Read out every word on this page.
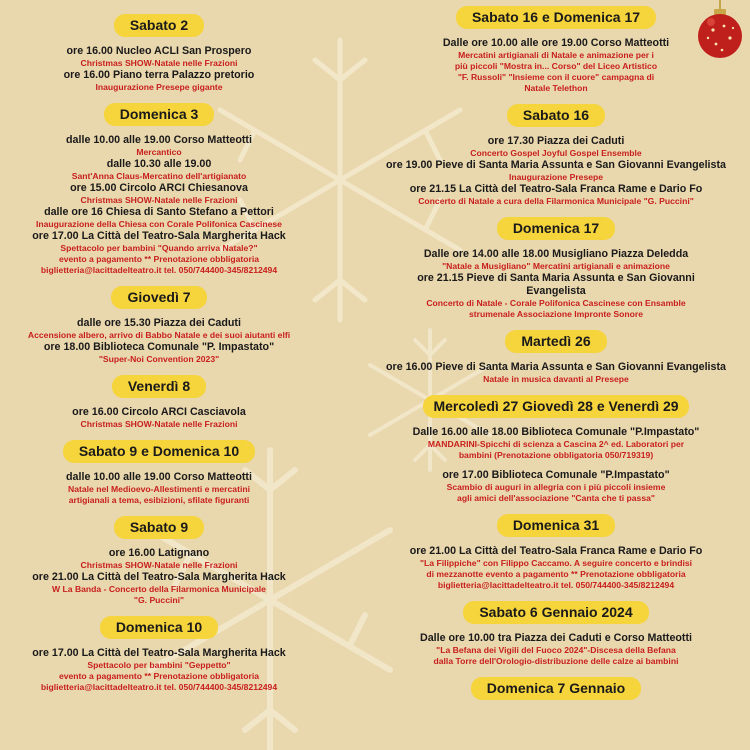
Sabato 2
ore 16.00 Nucleo ACLI San Prospero
Christmas SHOW-Natale nelle Frazioni
ore 16.00 Piano terra Palazzo pretorio
Inaugurazione Presepe gigante
Domenica 3
dalle 10.00 alle 19.00 Corso Matteotti
Mercantico
dalle 10.30 alle 19.00
Sant'Anna Claus-Mercatino dell'artigianato
ore 15.00 Circolo ARCI Chiesanova
Christmas SHOW-Natale nelle Frazioni
dalle ore 16 Chiesa di Santo Stefano a Pettori
Inaugurazione della Chiesa con Corale Polifonica Cascinese
ore 17.00 La Città del Teatro-Sala Margherita Hack
Spettacolo per bambini "Quando arriva Natale?"
evento a pagamento ** Prenotazione obbligatoria
biglietteria@lacittadelteatro.it tel. 050/744400-345/8212494
Giovedì 7
dalle ore 15.30 Piazza dei Caduti
Accensione albero, arrivo di Babbo Natale e dei suoi aiutanti elfi
ore 18.00 Biblioteca Comunale "P. Impastato"
"Super-Noi Convention 2023"
Venerdì 8
ore 16.00 Circolo ARCI Casciavola
Christmas SHOW-Natale nelle Frazioni
Sabato 9 e Domenica 10
dalle 10.00 alle 19.00 Corso Matteotti
Natale nel Medioevo-Allestimenti e mercatini
artigianali a tema, esibizioni, sfilate figuranti
Sabato 9
ore 16.00 Latignano
Christmas SHOW-Natale nelle Frazioni
ore 21.00 La Città del Teatro-Sala Margherita Hack
W La Banda - Concerto della Filarmonica Municipale
"G. Puccini"
Domenica 10
ore 17.00 La Città del Teatro-Sala Margherita Hack
Spettacolo per bambini "Geppetto"
evento a pagamento ** Prenotazione obbligatoria
biglietteria@lacittadelteatro.it tel. 050/744400-345/8212494
Sabato 16 e Domenica 17
Dalle ore 10.00 alle ore 19.00 Corso Matteotti
Mercatini artigianali di Natale e animazione per i
più piccoli "Mostra in... Corso" del Liceo Artistico
"F. Russoli" "Insieme con il cuore" campagna di
Natale Telethon
Sabato 16
ore 17.30 Piazza dei Caduti
Concerto Gospel Joyful Gospel Ensemble
ore 19.00 Pieve di Santa Maria Assunta e San Giovanni Evangelista
Inaugurazione Presepe
ore 21.15 La Città del Teatro-Sala Franca Rame e Dario Fo
Concerto di Natale a cura della Filarmonica Municipale "G. Puccini"
Domenica 17
Dalle ore 14.00 alle 18.00 Musigliano Piazza Deledda
"Natale a Musigliano" Mercatini artigianali e animazione
ore 21.15 Pieve di Santa Maria Assunta e San Giovanni
Evangelista
Concerto di Natale - Corale Polifonica Cascinese con Ensamble
strumenale Associazione Impronte Sonore
Martedì 26
ore 16.00 Pieve di Santa Maria Assunta e San Giovanni Evangelista
Natale in musica davanti al Presepe
Mercoledì 27 Giovedì 28 e Venerdì 29
Dalle 16.00 alle 18.00 Biblioteca Comunale "P.Impastato"
MANDARINI-Spicchi di scienza a Cascina 2^ ed. Laboratori per
bambini (Prenotazione obbligatoria 050/719319)
ore 17.00 Biblioteca Comunale "P.Impastato"
Scambio di auguri in allegria con i più piccoli insieme
agli amici dell'associazione "Canta che ti passa"
Domenica 31
ore 21.00 La Città del Teatro-Sala Franca Rame e Dario Fo
"La Filippiche" con Filippo Caccamo. A seguire concerto e brindisi
di mezzanotte evento a pagamento ** Prenotazione obbligatoria
biglietteria@lacittadelteatro.it tel. 050/744400-345/8212494
Sabato 6 Gennaio 2024
Dalle ore 10.00 tra Piazza dei Caduti e Corso Matteotti
"La Befana dei Vigili del Fuoco 2024"-Discesa della Befana
dalla Torre dell'Orologio-distribuzione delle calze ai bambini
Domenica 7 Gennaio
